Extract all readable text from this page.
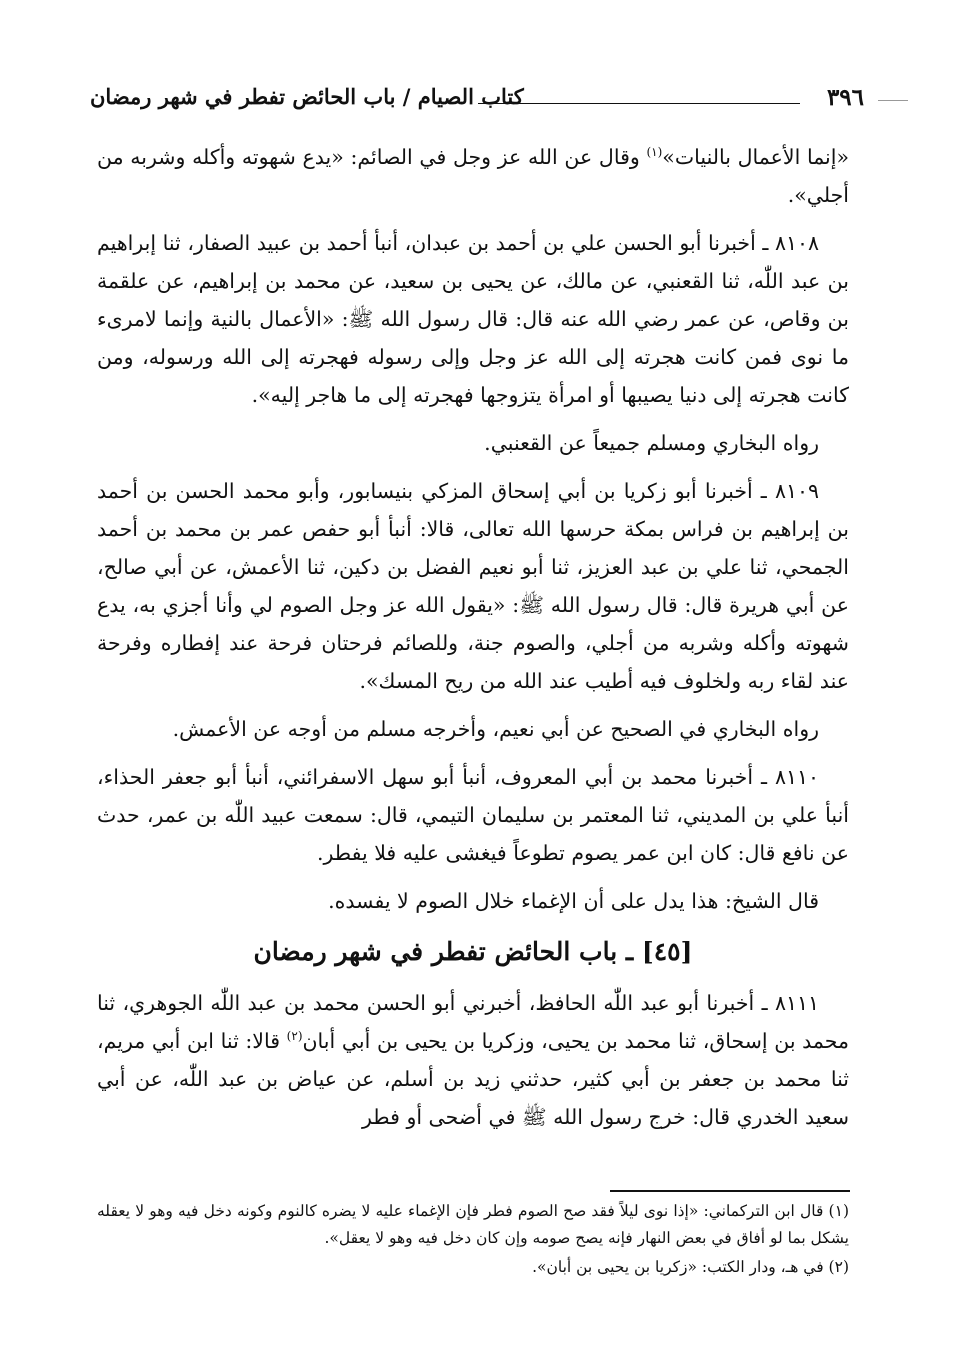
٣٩٦
كتاب الصيام / باب الحائض تفطر في شهر رمضان

«إنما الأعمال بالنيات»$^{(١)}$ وقال عن الله عز وجل في الصائم: «يدع شهوته وأكله وشربه من أجلي».

٨١٠٨ ـ أخبرنا أبو الحسن علي بن أحمد بن عبدان، أنبأ أحمد بن عبيد الصفار، ثنا إبراهيم بن عبد اللّٰه، ثنا القعنبي، عن مالك، عن يحيى بن سعيد، عن محمد بن إبراهيم، عن علقمة بن وقاص، عن عمر رضي الله عنه قال: قال رسول الله ﷺ: «الأعمال بالنية وإنما لامرىء ما نوى فمن كانت هجرته إلى الله عز وجل وإلى رسوله فهجرته إلى الله ورسوله، ومن كانت هجرته إلى دنيا يصيبها أو امرأة يتزوجها فهجرته إلى ما هاجر إليه».

رواه البخاري ومسلم جميعاً عن القعنبي.

٨١٠٩ ـ أخبرنا أبو زكريا بن أبي إسحاق المزكي بنيسابور، وأبو محمد الحسن بن أحمد بن إبراهيم بن فراس بمكة حرسها الله تعالى، قالا: أنبأ أبو حفص عمر بن محمد بن أحمد الجمحي، ثنا علي بن عبد العزيز، ثنا أبو نعيم الفضل بن دكين، ثنا الأعمش، عن أبي صالح، عن أبي هريرة قال: قال رسول الله ﷺ: «يقول الله عز وجل الصوم لي وأنا أجزي به، يدع شهوته وأكله وشربه من أجلي، والصوم جنة، وللصائم فرحتان فرحة عند إفطاره وفرحة عند لقاء ربه ولخلوف فيه أطيب عند الله من ريح المسك».

رواه البخاري في الصحيح عن أبي نعيم، وأخرجه مسلم من أوجه عن الأعمش.

٨١١٠ ـ أخبرنا محمد بن أبي المعروف، أنبأ أبو سهل الاسفرائني، أنبأ أبو جعفر الحذاء، أنبأ علي بن المديني، ثنا المعتمر بن سليمان التيمي، قال: سمعت عبيد اللّٰه بن عمر، حدث عن نافع قال: كان ابن عمر يصوم تطوعاً فيغشى عليه فلا يفطر.

قال الشيخ: هذا يدل على أن الإغماء خلال الصوم لا يفسده.

[٤٥] ـ باب الحائض تفطر في شهر رمضان

٨١١١ ـ أخبرنا أبو عبد اللّٰه الحافظ، أخبرني أبو الحسن محمد بن عبد اللّٰه الجوهري، ثنا محمد بن إسحاق، ثنا محمد بن يحيى، وزكريا بن يحيى بن أبي أبان$^{(٢)}$ قالا: ثنا ابن أبي مريم، ثنا محمد بن جعفر بن أبي كثير، حدثني زيد بن أسلم، عن عياض بن عبد اللّٰه، عن أبي سعيد الخدري قال: خرج رسول الله ﷺ في أضحى أو فطر

(١) قال ابن التركماني: «إذا نوى ليلاً فقد صح الصوم فطر فإن الإغماء عليه لا يضره كالنوم وكونه دخل فيه وهو لا يعقله يشكل بما لو أفاق في بعض النهار فإنه يصح صومه وإن كان دخل فيه وهو لا يعقل».

(٢) في هـ، ودار الكتب: «زكريا بن يحيى بن أبان».
